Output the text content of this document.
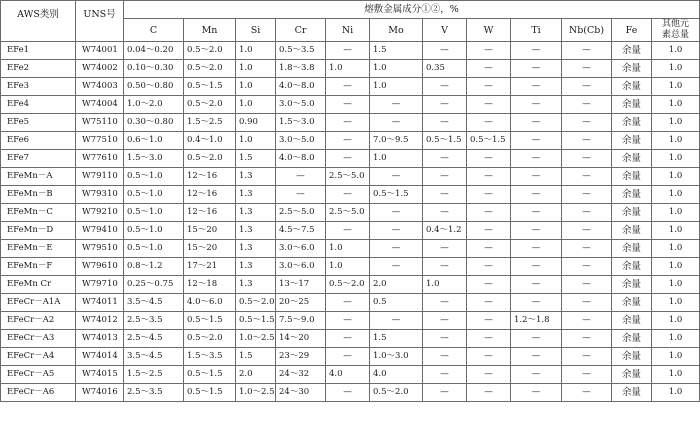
AWS类别	UNS号	熔敷金属成分①②，%											
		C	Mn	Si	Cr	Ni	Mo	V	W	Ti	Nb(Cb)	Fe	其他元
素总量
EFe1	W74001	0.04～0.20	0.5～2.0	1.0	0.5～3.5	—	1.5	—	—	—	—	余量	1.0
EFe2	W74002	0.10～0.30	0.5～2.0	1.0	1.8～3.8	1.0	1.0	0.35	—	—	—	余量	1.0
EFe3	W74003	0.50～0.80	0.5～1.5	1.0	4.0～8.0	—	1.0	—	—	—	—	余量	1.0
EFe4	W74004	1.0～2.0	0.5～2.0	1.0	3.0～5.0	—	—	—	—	—	—	余量	1.0
EFe5	W75110	0.30～0.80	1.5～2.5	0.90	1.5～3.0	—	—	—	—	—	—	余量	1.0
EFe6	W77510	0.6～1.0	0.4～1.0	1.0	3.0～5.0	—	7.0～9.5	0.5～1.5	0.5～1.5	—	—	余量	1.0
EFe7	W77610	1.5～3.0	0.5～2.0	1.5	4.0～8.0	—	1.0	—	—	—	—	余量	1.0
EFeMn－A	W79110	0.5～1.0	12～16	1.3	—	2.5～5.0	—	—	—	—	—	余量	1.0
EFeMn－B	W79310	0.5～1.0	12～16	1.3	—	—	0.5～1.5	—	—	—	—	余量	1.0
EFeMn－C	W79210	0.5～1.0	12～16	1.3	2.5～5.0	2.5～5.0	—	—	—	—	—	余量	1.0
EFeMn－D	W79410	0.5～1.0	15～20	1.3	4.5～7.5	—	—	0.4～1.2	—	—	—	余量	1.0
EFeMn－E	W79510	0.5～1.0	15～20	1.3	3.0～6.0	1.0	—	—	—	—	—	余量	1.0
EFeMn－F	W79610	0.8～1.2	17～21	1.3	3.0～6.0	1.0	—	—	—	—	—	余量	1.0
EFeMn Cr	W79710	0.25～0.75	12～18	1.3	13～17	0.5～2.0	2.0	1.0	—	—	—	余量	1.0
EFeCr－A1A	W74011	3.5～4.5	4.0～6.0	0.5～2.0	20～25	—	0.5	—	—	—	—	余量	1.0
EFeCr－A2	W74012	2.5～3.5	0.5～1.5	0.5～1.5	7.5～9.0	—	—	—	—	1.2～1.8	—	余量	1.0
EFeCr－A3	W74013	2.5～4.5	0.5～2.0	1.0～2.5	14～20	—	1.5	—	—	—	—	余量	1.0
EFeCr－A4	W74014	3.5～4.5	1.5～3.5	1.5	23～29	—	1.0～3.0	—	—	—	—	余量	1.0
EFeCr－A5	W74015	1.5～2.5	0.5～1.5	2.0	24～32	4.0	4.0	—	—	—	—	余量	1.0
EFeCr－A6	W74016	2.5～3.5	0.5～1.5	1.0～2.5	24～30	—	0.5～2.0	—	—	—	—	余量	1.0
